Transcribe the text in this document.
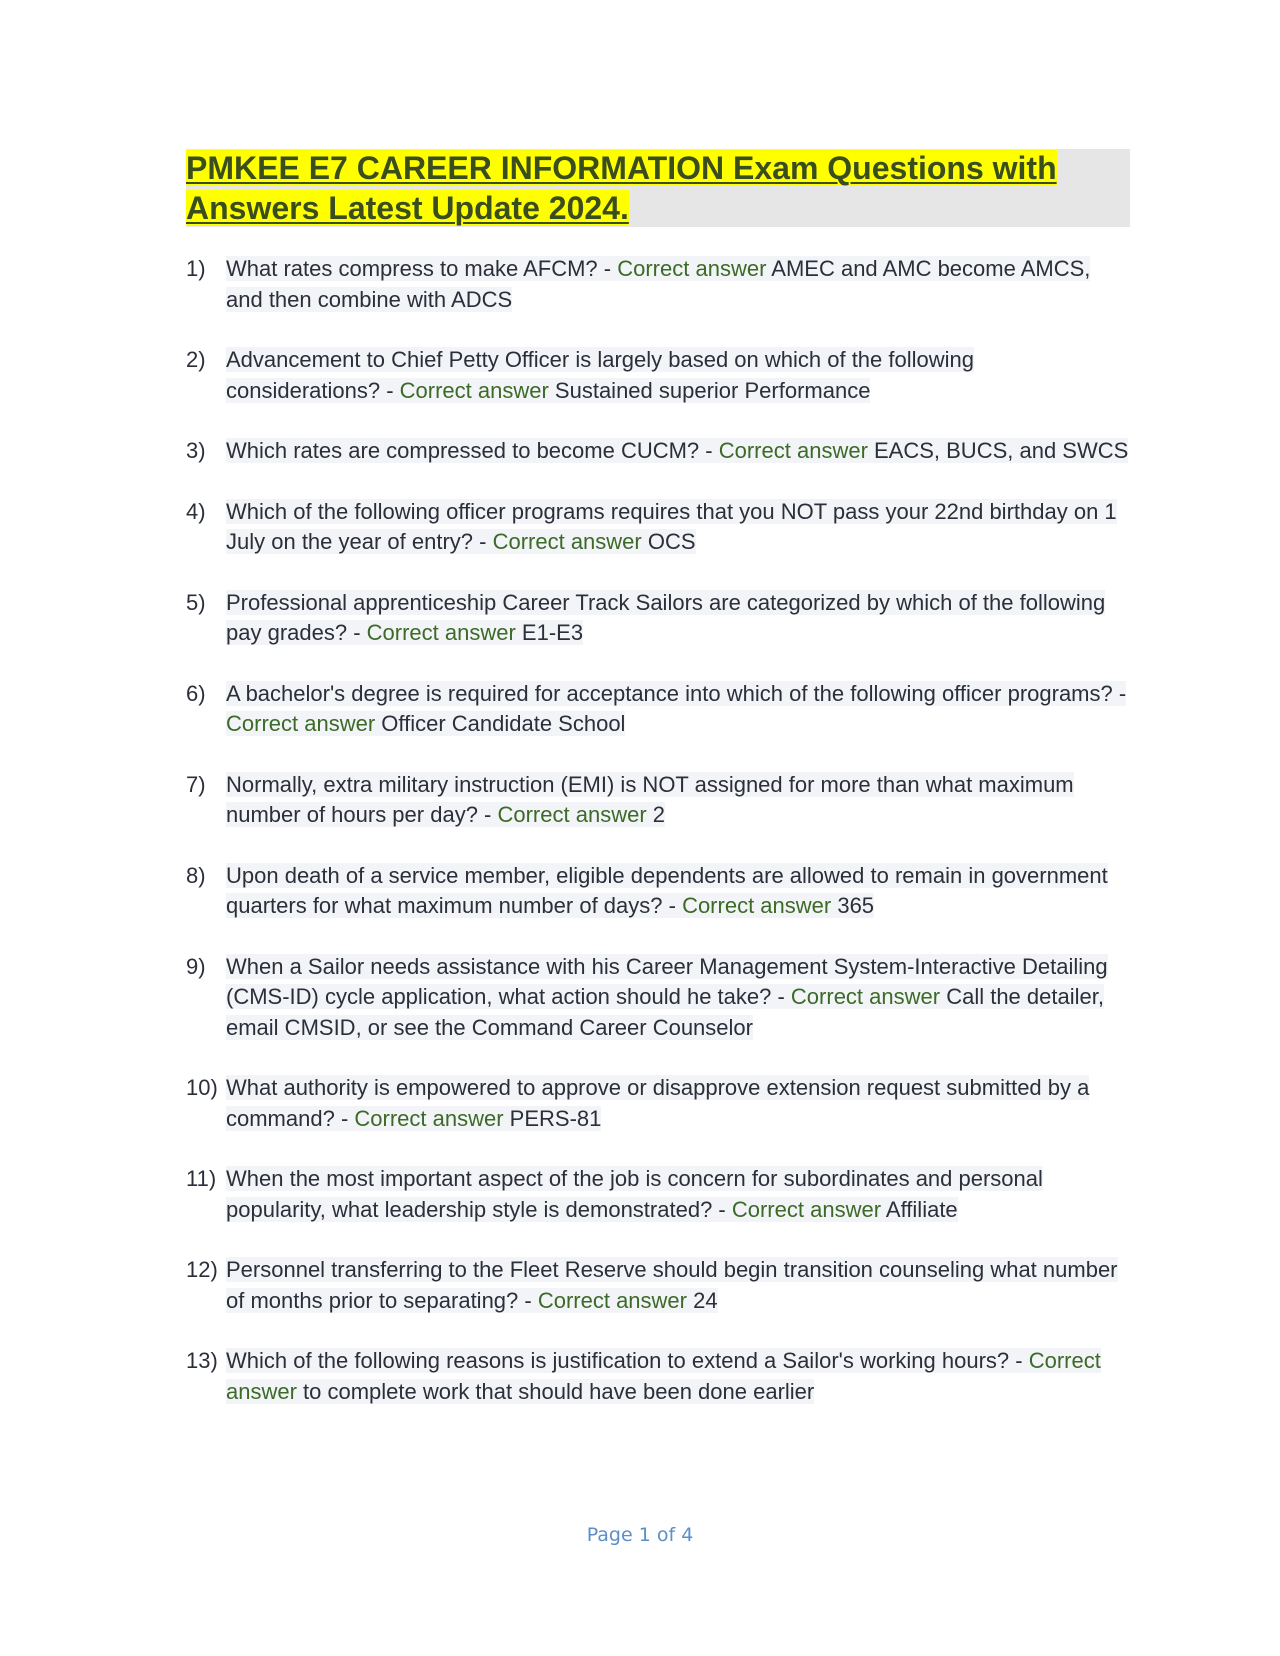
PMKEE E7 CAREER INFORMATION Exam Questions with
Answers Latest Update 2024.
1) What rates compress to make AFCM? - Correct answer AMEC and AMC become AMCS, and then combine with ADCS
2) Advancement to Chief Petty Officer is largely based on which of the following considerations? - Correct answer Sustained superior Performance
3) Which rates are compressed to become CUCM? - Correct answer EACS, BUCS, and SWCS
4) Which of the following officer programs requires that you NOT pass your 22nd birthday on 1 July on the year of entry? - Correct answer OCS
5) Professional apprenticeship Career Track Sailors are categorized by which of the following pay grades? - Correct answer E1-E3
6) A bachelor's degree is required for acceptance into which of the following officer programs? - Correct answer Officer Candidate School
7) Normally, extra military instruction (EMI) is NOT assigned for more than what maximum number of hours per day? - Correct answer 2
8) Upon death of a service member, eligible dependents are allowed to remain in government quarters for what maximum number of days? - Correct answer 365
9) When a Sailor needs assistance with his Career Management System-Interactive Detailing (CMS-ID) cycle application, what action should he take? - Correct answer Call the detailer, email CMSID, or see the Command Career Counselor
10) What authority is empowered to approve or disapprove extension request submitted by a command? - Correct answer PERS-81
11) When the most important aspect of the job is concern for subordinates and personal popularity, what leadership style is demonstrated? - Correct answer Affiliate
12) Personnel transferring to the Fleet Reserve should begin transition counseling what number of months prior to separating? - Correct answer 24
13) Which of the following reasons is justification to extend a Sailor's working hours? - Correct answer to complete work that should have been done earlier
Page 1 of 4
